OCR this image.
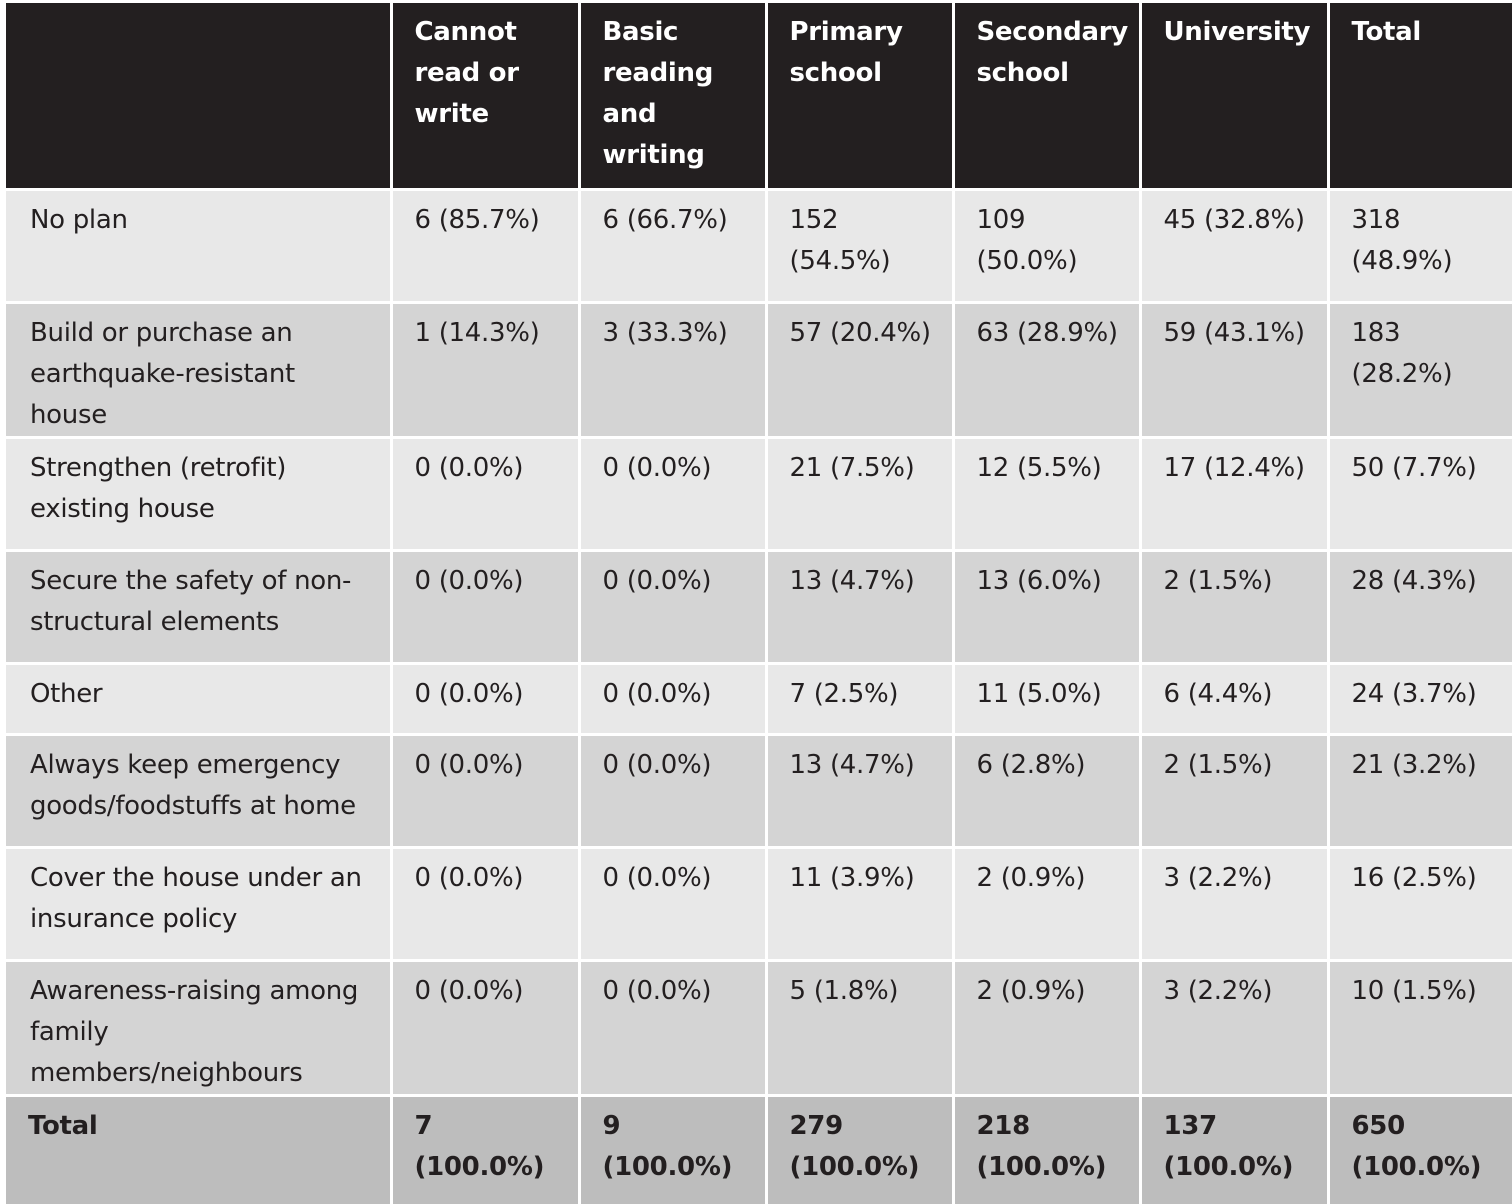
	Cannot read or write	Basic reading and writing	Primary school	Secondary school	University	Total
No plan	6 (85.7%)	6 (66.7%)	152 (54.5%)	109 (50.0%)	45 (32.8%)	318 (48.9%)
Build or purchase an earthquake-resistant house	1 (14.3%)	3 (33.3%)	57 (20.4%)	63 (28.9%)	59 (43.1%)	183 (28.2%)
Strengthen (retrofit) existing house	0 (0.0%)	0 (0.0%)	21 (7.5%)	12 (5.5%)	17 (12.4%)	50 (7.7%)
Secure the safety of non-structural elements	0 (0.0%)	0 (0.0%)	13 (4.7%)	13 (6.0%)	2 (1.5%)	28 (4.3%)
Other	0 (0.0%)	0 (0.0%)	7 (2.5%)	11 (5.0%)	6 (4.4%)	24 (3.7%)
Always keep emergency goods/foodstuffs at home	0 (0.0%)	0 (0.0%)	13 (4.7%)	6 (2.8%)	2 (1.5%)	21 (3.2%)
Cover the house under an insurance policy	0 (0.0%)	0 (0.0%)	11 (3.9%)	2 (0.9%)	3 (2.2%)	16 (2.5%)
Awareness-raising among family members/neighbours	0 (0.0%)	0 (0.0%)	5 (1.8%)	2 (0.9%)	3 (2.2%)	10 (1.5%)
Total	7 (100.0%)	9 (100.0%)	279 (100.0%)	218 (100.0%)	137 (100.0%)	650 (100.0%)
